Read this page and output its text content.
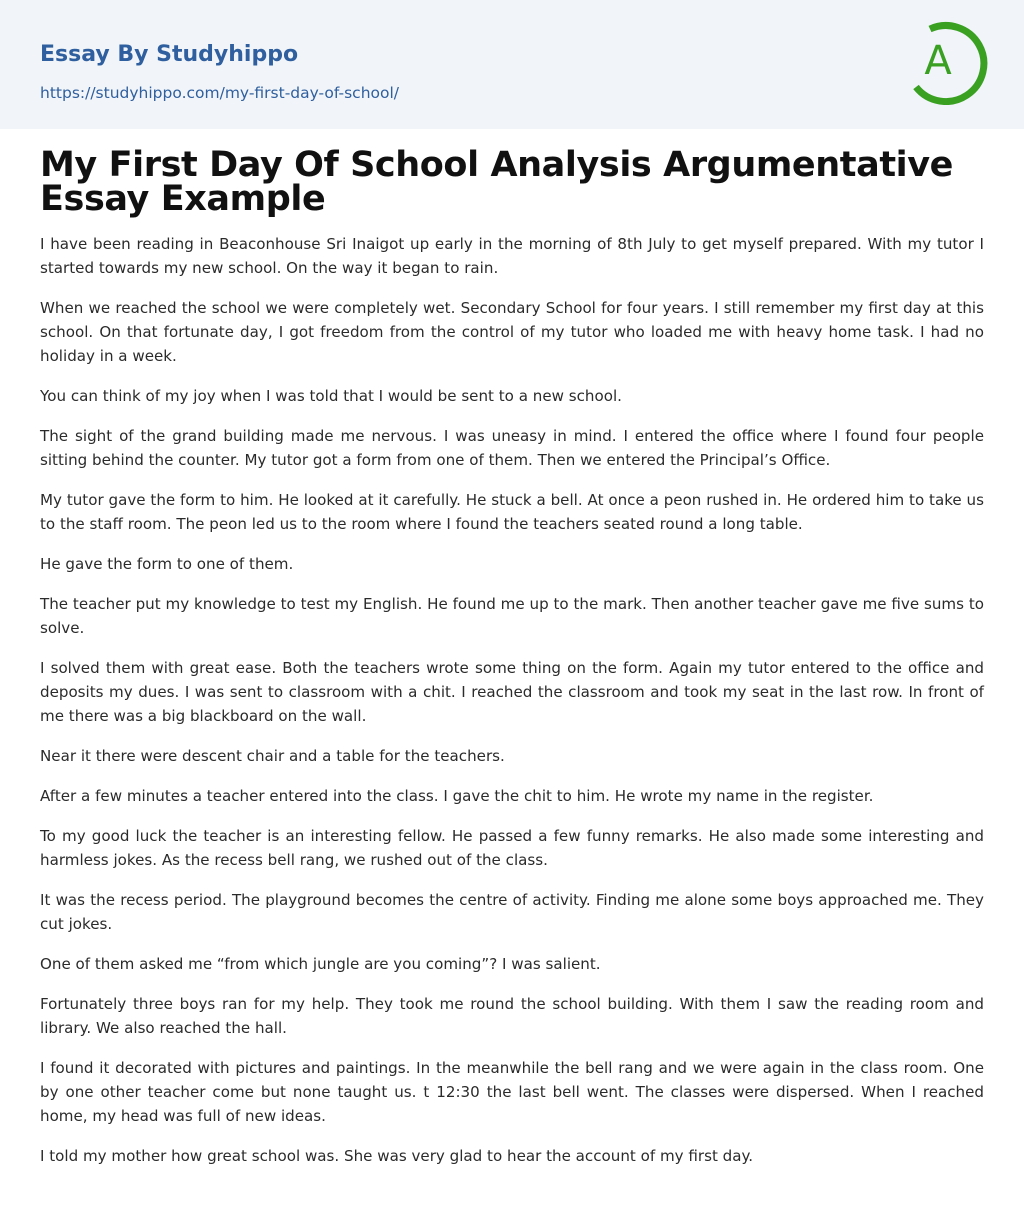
Essay By Studyhippo
https://studyhippo.com/my-first-day-of-school/
A
My First Day Of School Analysis Argumentative Essay Example

I have been reading in Beaconhouse Sri Inaigot up early in the morning of 8th July to get myself prepared. With my tutor I started towards my new school. On the way it began to rain.

When we reached the school we were completely wet. Secondary School for four years. I still remember my first day at this school. On that fortunate day, I got freedom from the control of my tutor who loaded me with heavy home task. I had no holiday in a week.

You can think of my joy when I was told that I would be sent to a new school.

The sight of the grand building made me nervous. I was uneasy in mind. I entered the office where I found four people sitting behind the counter. My tutor got a form from one of them. Then we entered the Principal’s Office.

My tutor gave the form to him. He looked at it carefully. He stuck a bell. At once a peon rushed in. He ordered him to take us to the staff room. The peon led us to the room where I found the teachers seated round a long table.

He gave the form to one of them.

The teacher put my knowledge to test my English. He found me up to the mark. Then another teacher gave me five sums to solve.

I solved them with great ease. Both the teachers wrote some thing on the form. Again my tutor entered to the office and deposits my dues. I was sent to classroom with a chit. I reached the classroom and took my seat in the last row. In front of me there was a big blackboard on the wall.

Near it there were descent chair and a table for the teachers.

After a few minutes a teacher entered into the class. I gave the chit to him. He wrote my name in the register.

To my good luck the teacher is an interesting fellow. He passed a few funny remarks. He also made some interesting and harmless jokes. As the recess bell rang, we rushed out of the class.

It was the recess period. The playground becomes the centre of activity. Finding me alone some boys approached me. They cut jokes.

One of them asked me “from which jungle are you coming”? I was salient.

Fortunately three boys ran for my help. They took me round the school building. With them I saw the reading room and library. We also reached the hall.

I found it decorated with pictures and paintings. In the meanwhile the bell rang and we were again in the class room. One by one other teacher come but none taught us. t 12:30 the last bell went. The classes were dispersed. When I reached home, my head was full of new ideas.

I told my mother how great school was. She was very glad to hear the account of my first day.
